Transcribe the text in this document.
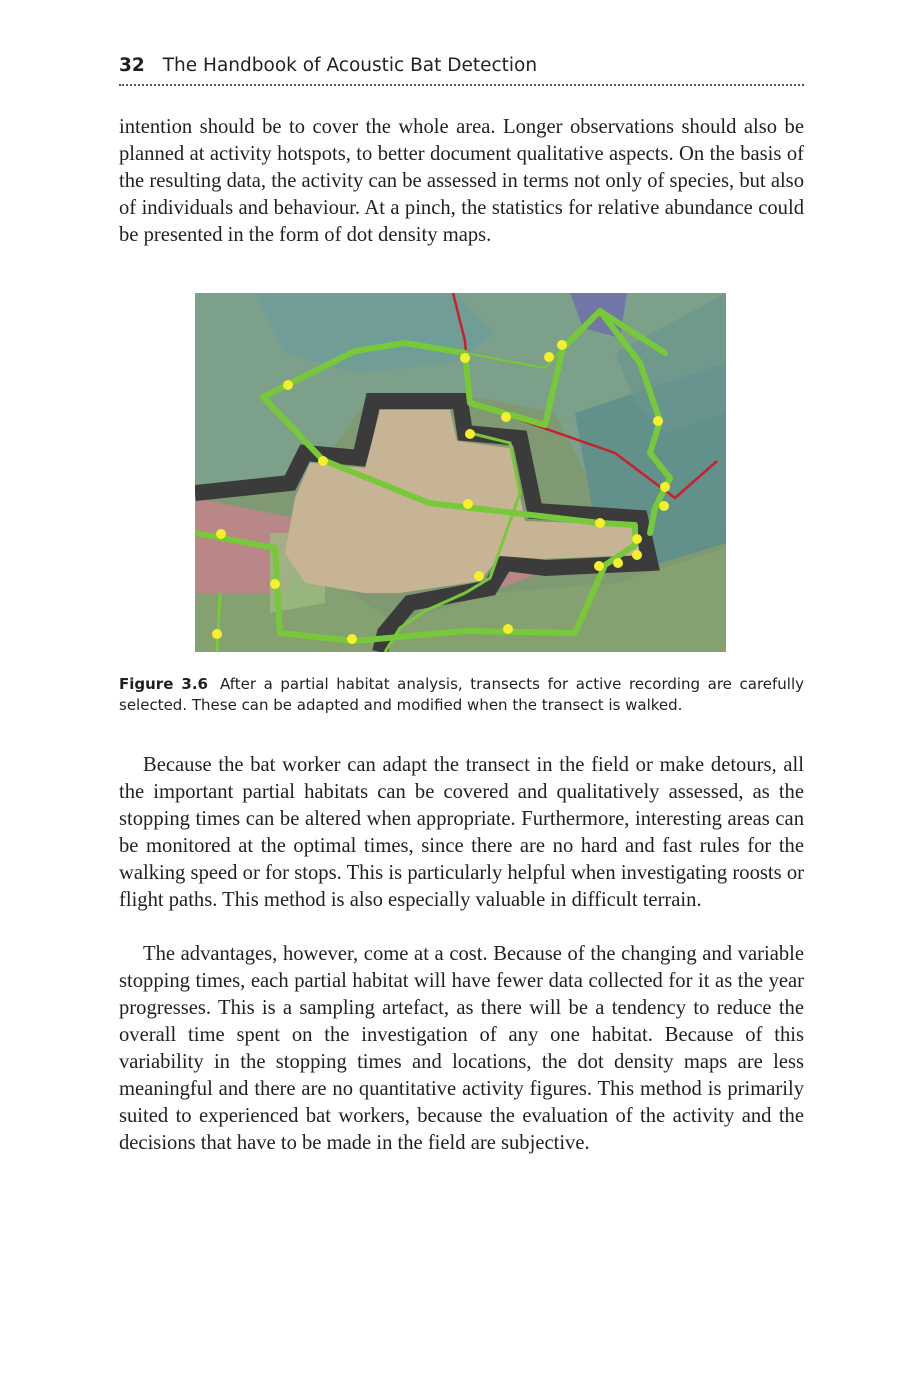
32 The Handbook of Acoustic Bat Detection

intention should be to cover the whole area. Longer observations should also be planned at activity hotspots, to better document qualitative aspects. On the basis of the resulting data, the activity can be assessed in terms not only of species, but also of individuals and behaviour. At a pinch, the statistics for relative abundance could be presented in the form of dot density maps.

Figure 3.6 After a partial habitat analysis, transects for active recording are carefully selected. These can be adapted and modified when the transect is walked.

Because the bat worker can adapt the transect in the field or make detours, all the important partial habitats can be covered and qualitatively assessed, as the stopping times can be altered when appropriate. Furthermore, interesting areas can be monitored at the optimal times, since there are no hard and fast rules for the walking speed or for stops. This is particularly helpful when investigating roosts or flight paths. This method is also especially valuable in difficult terrain.

The advantages, however, come at a cost. Because of the changing and variable stopping times, each partial habitat will have fewer data collected for it as the year progresses. This is a sampling artefact, as there will be a tendency to reduce the overall time spent on the investigation of any one habitat. Because of this variability in the stopping times and locations, the dot density maps are less meaningful and there are no quantitative activity figures. This method is primarily suited to experienced bat workers, because the evaluation of the activity and the decisions that have to be made in the field are subjective.
